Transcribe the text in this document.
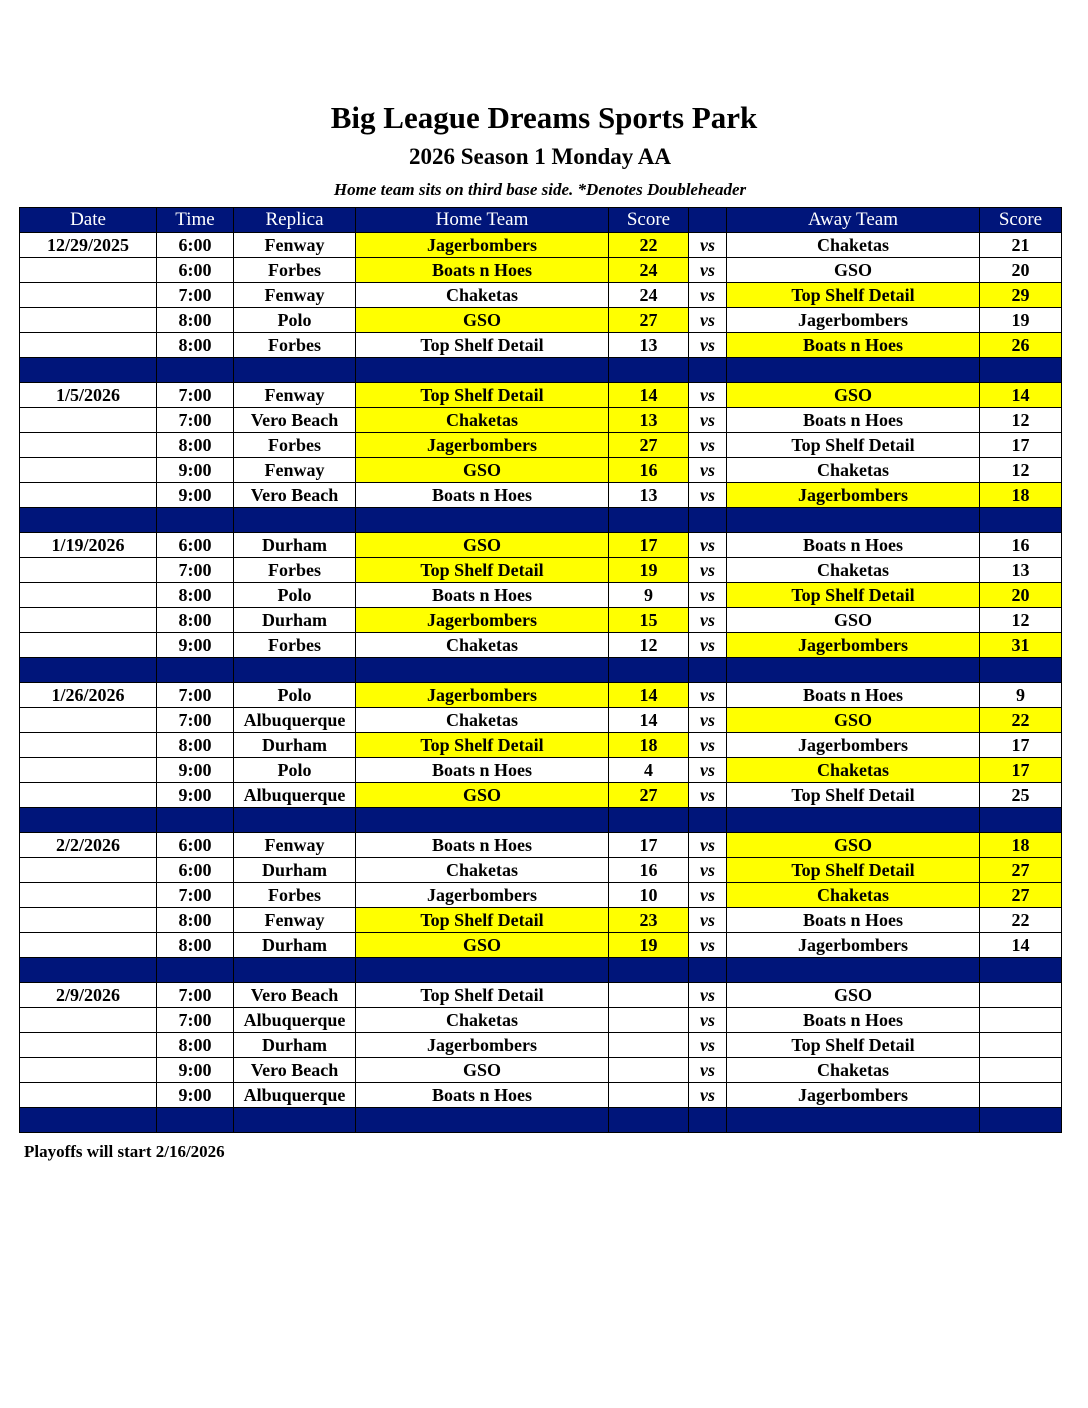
Big League Dreams Sports Park
2026 Season 1 Monday AA
Home team sits on third base side. *Denotes Doubleheader
Date	Time	Replica	Home Team	Score		Away Team	Score
12/29/2025	6:00	Fenway	Jagerbombers	22	vs	Chaketas	21
	6:00	Forbes	Boats n Hoes	24	vs	GSO	20
	7:00	Fenway	Chaketas	24	vs	Top Shelf Detail	29
	8:00	Polo	GSO	27	vs	Jagerbombers	19
	8:00	Forbes	Top Shelf Detail	13	vs	Boats n Hoes	26

1/5/2026	7:00	Fenway	Top Shelf Detail	14	vs	GSO	14
	7:00	Vero Beach	Chaketas	13	vs	Boats n Hoes	12
	8:00	Forbes	Jagerbombers	27	vs	Top Shelf Detail	17
	9:00	Fenway	GSO	16	vs	Chaketas	12
	9:00	Vero Beach	Boats n Hoes	13	vs	Jagerbombers	18

1/19/2026	6:00	Durham	GSO	17	vs	Boats n Hoes	16
	7:00	Forbes	Top Shelf Detail	19	vs	Chaketas	13
	8:00	Polo	Boats n Hoes	9	vs	Top Shelf Detail	20
	8:00	Durham	Jagerbombers	15	vs	GSO	12
	9:00	Forbes	Chaketas	12	vs	Jagerbombers	31

1/26/2026	7:00	Polo	Jagerbombers	14	vs	Boats n Hoes	9
	7:00	Albuquerque	Chaketas	14	vs	GSO	22
	8:00	Durham	Top Shelf Detail	18	vs	Jagerbombers	17
	9:00	Polo	Boats n Hoes	4	vs	Chaketas	17
	9:00	Albuquerque	GSO	27	vs	Top Shelf Detail	25

2/2/2026	6:00	Fenway	Boats n Hoes	17	vs	GSO	18
	6:00	Durham	Chaketas	16	vs	Top Shelf Detail	27
	7:00	Forbes	Jagerbombers	10	vs	Chaketas	27
	8:00	Fenway	Top Shelf Detail	23	vs	Boats n Hoes	22
	8:00	Durham	GSO	19	vs	Jagerbombers	14

2/9/2026	7:00	Vero Beach	Top Shelf Detail		vs	GSO	
	7:00	Albuquerque	Chaketas		vs	Boats n Hoes	
	8:00	Durham	Jagerbombers		vs	Top Shelf Detail	
	9:00	Vero Beach	GSO		vs	Chaketas	
	9:00	Albuquerque	Boats n Hoes		vs	Jagerbombers	

Playoffs will start 2/16/2026
